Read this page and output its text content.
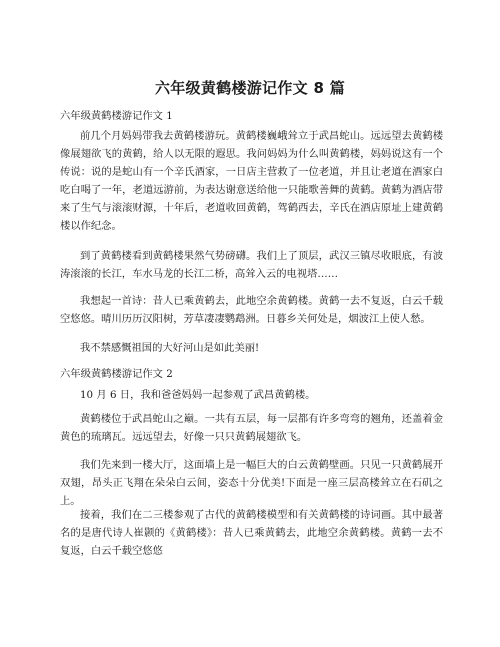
六年级黄鹤楼游记作文 8 篇
六年级黄鹤楼游记作文 1
前几个月妈妈带我去黄鹤楼游玩。黄鹤楼巍峨耸立于武昌蛇山。远远望去黄鹤楼像展翅欲飞的黄鹤，给人以无限的遐思。我问妈妈为什么叫黄鹤楼，妈妈说这有一个传说：说的是蛇山有一个辛氏酒家，一日店主营救了一位老道，并且让老道在酒家白吃白喝了一年，老道远游前，为表达谢意送给他一只能歌善舞的黄鹤。黄鹤为酒店带来了生气与滚滚财源，十年后，老道收回黄鹤，驾鹤西去，辛氏在酒店原址上建黄鹤楼以作纪念。
到了黄鹤楼看到黄鹤楼果然气势磅礴。我们上了顶层，武汉三镇尽收眼底，有波涛滚滚的长江，车水马龙的长江二桥，高耸入云的电视塔……
我想起一首诗：昔人已乘黄鹤去，此地空余黄鹤楼。黄鹤一去不复返，白云千载空悠悠。晴川历历汉阳树，芳草凄凄鹦鹉洲。日暮乡关何处是，烟波江上使人愁。
我不禁感慨祖国的大好河山是如此美丽!
六年级黄鹤楼游记作文 2
10 月 6 日，我和爸爸妈妈一起参观了武昌黄鹤楼。
黄鹤楼位于武昌蛇山之巅。一共有五层，每一层都有许多弯弯的翘角，还盖着金黄色的琉璃瓦。远远望去，好像一只只黄鹤展翅欲飞。
我们先来到一楼大厅，这面墙上是一幅巨大的白云黄鹤壁画。只见一只黄鹤展开双翅，昂头正飞翔在朵朵白云间，姿态十分优美!下面是一座三层高楼耸立在石矶之上。
接着，我们在二三楼参观了古代的黄鹤楼模型和有关黄鹤楼的诗词画。其中最著名的是唐代诗人崔颢的《黄鹤楼》：昔人已乘黄鹤去，此地空余黄鹤楼。黄鹤一去不复返，白云千载空悠悠
